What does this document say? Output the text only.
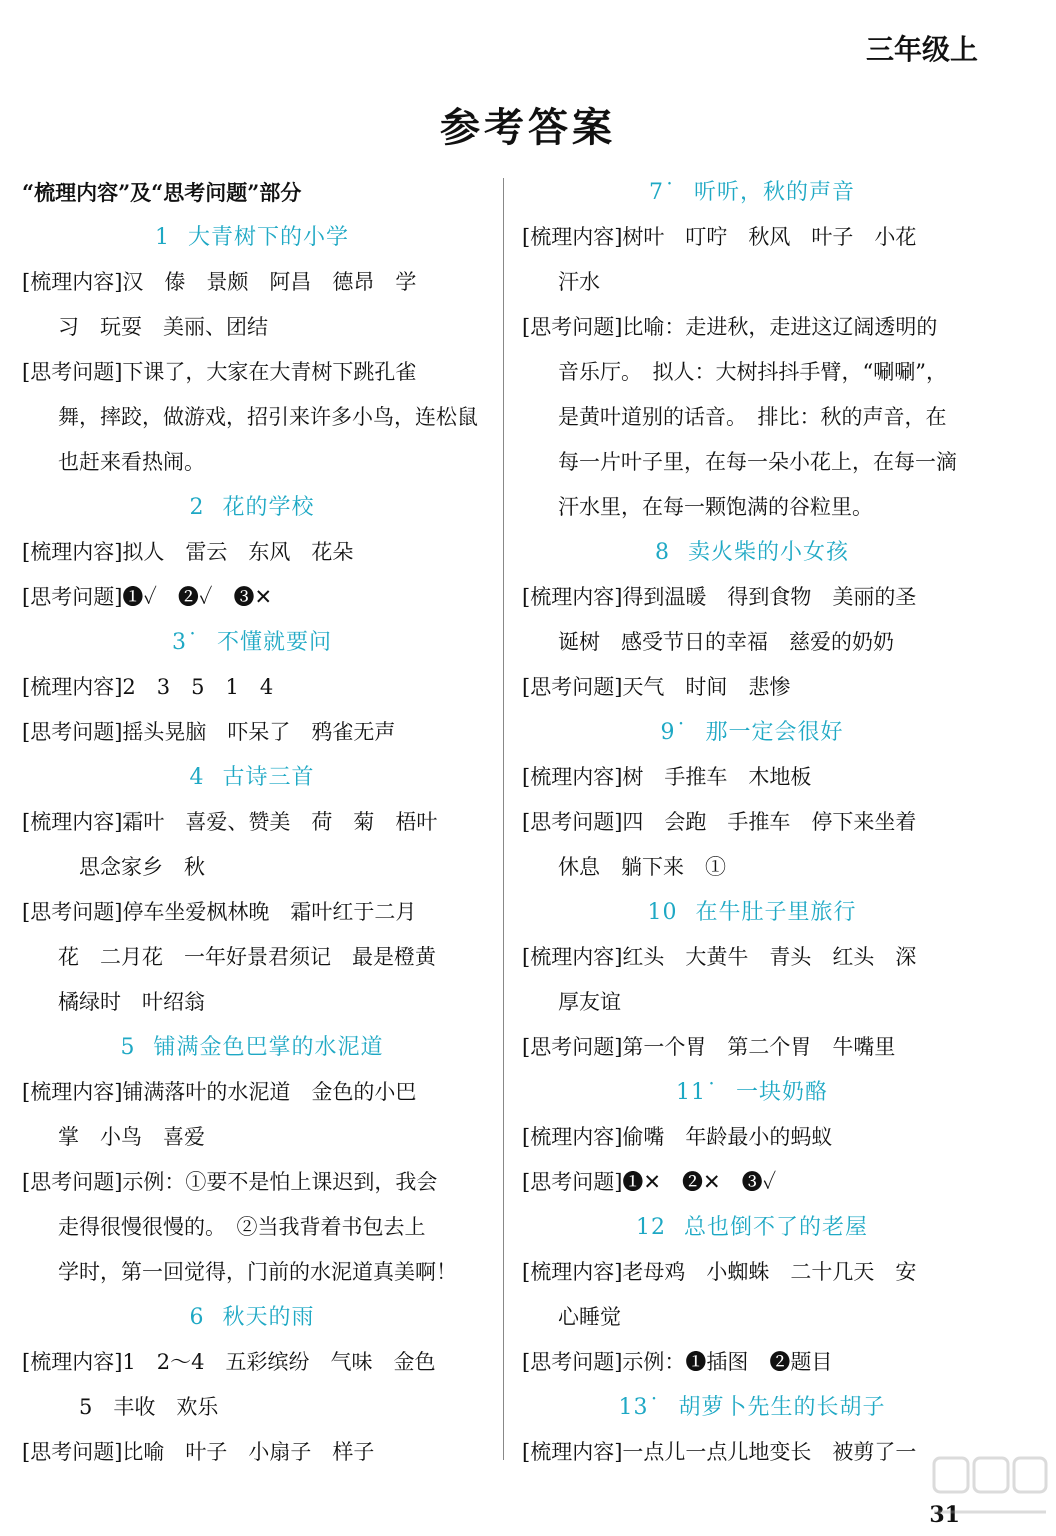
三年级上
参考答案
“梳理内容”及“思考问题”部分
1 大青树下的小学
[梳理内容]汉　傣　景颇　阿昌　德昂　学
习　玩耍　美丽、团结
[思考问题]下课了，大家在大青树下跳孔雀
舞，摔跤，做游戏，招引来许多小鸟，连松鼠
也赶来看热闹。
2 花的学校
[梳理内容]拟人　雷云　东风　花朵
[思考问题]❶✓　❷✓　❸✕
3˙ 不懂就要问
[梳理内容]2　3　5　1　4
[思考问题]摇头晃脑　吓呆了　鸦雀无声
4 古诗三首
[梳理内容]霜叶　喜爱、赞美　荷　菊　梧叶
　思念家乡　秋
[思考问题]停车坐爱枫林晚　霜叶红于二月
花　二月花　一年好景君须记　最是橙黄
橘绿时　叶绍翁
5 铺满金色巴掌的水泥道
[梳理内容]铺满落叶的水泥道　金色的小巴
掌　小鸟　喜爱
[思考问题]示例：①要不是怕上课迟到，我会
走得很慢很慢的。　②当我背着书包去上
学时，第一回觉得，门前的水泥道真美啊！
6 秋天的雨
[梳理内容]1　2～4　五彩缤纷　气味　金色
　5　丰收　欢乐
[思考问题]比喻　叶子　小扇子　样子
7˙ 听听，秋的声音
[梳理内容]树叶　叮咛　秋风　叶子　小花
汗水
[思考问题]比喻：走进秋，走进这辽阔透明的
音乐厅。　拟人：大树抖抖手臂，“唰唰”，
是黄叶道别的话音。　排比：秋的声音，在
每一片叶子里，在每一朵小花上，在每一滴
汗水里，在每一颗饱满的谷粒里。
8 卖火柴的小女孩
[梳理内容]得到温暖　得到食物　美丽的圣
诞树　感受节日的幸福　慈爱的奶奶
[思考问题]天气　时间　悲惨
9˙ 那一定会很好
[梳理内容]树　手推车　木地板
[思考问题]四　会跑　手推车　停下来坐着
休息　躺下来　①
10 在牛肚子里旅行
[梳理内容]红头　大黄牛　青头　红头　深
厚友谊
[思考问题]第一个胃　第二个胃　牛嘴里
11˙ 一块奶酪
[梳理内容]偷嘴　年龄最小的蚂蚁
[思考问题]❶✕　❷✕　❸✓
12 总也倒不了的老屋
[梳理内容]老母鸡　小蜘蛛　二十几天　安
心睡觉
[思考问题]示例：❶插图　❷题目
13˙ 胡萝卜先生的长胡子
[梳理内容]一点儿一点儿地变长　被剪了一
31
